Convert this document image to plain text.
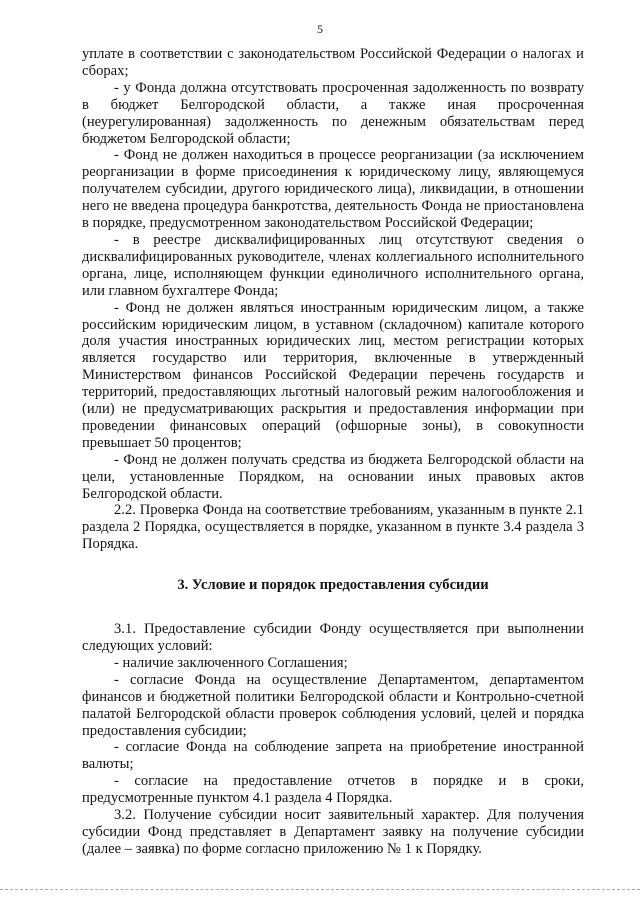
5

уплате в соответствии с законодательством Российской Федерации о налогах и сборах;

- у Фонда должна отсутствовать просроченная задолженность по возврату в бюджет Белгородской области, а также иная просроченная (неурегулированная) задолженность по денежным обязательствам перед бюджетом Белгородской области;

- Фонд не должен находиться в процессе реорганизации (за исключением реорганизации в форме присоединения к юридическому лицу, являющемуся получателем субсидии, другого юридического лица), ликвидации, в отношении него не введена процедура банкротства, деятельность Фонда не приостановлена в порядке, предусмотренном законодательством Российской Федерации;

- в реестре дисквалифицированных лиц отсутствуют сведения о дисквалифицированных руководителе, членах коллегиального исполнительного органа, лице, исполняющем функции единоличного исполнительного органа, или главном бухгалтере Фонда;

- Фонд не должен являться иностранным юридическим лицом, а также российским юридическим лицом, в уставном (складочном) капитале которого доля участия иностранных юридических лиц, местом регистрации которых является государство или территория, включенные в утвержденный Министерством финансов Российской Федерации перечень государств и территорий, предоставляющих льготный налоговый режим налогообложения и (или) не предусматривающих раскрытия и предоставления информации при проведении финансовых операций (офшорные зоны), в совокупности превышает 50 процентов;

- Фонд не должен получать средства из бюджета Белгородской области на цели, установленные Порядком, на основании иных правовых актов Белгородской области.

2.2. Проверка Фонда на соответствие требованиям, указанным в пункте 2.1 раздела 2 Порядка, осуществляется в порядке, указанном в пункте 3.4 раздела 3 Порядка.

3. Условие и порядок предоставления субсидии

3.1. Предоставление субсидии Фонду осуществляется при выполнении следующих условий:

- наличие заключенного Соглашения;

- согласие Фонда на осуществление Департаментом, департаментом финансов и бюджетной политики Белгородской области и Контрольно-счетной палатой Белгородской области проверок соблюдения условий, целей и порядка предоставления субсидии;

- согласие Фонда на соблюдение запрета на приобретение иностранной валюты;

- согласие на предоставление отчетов в порядке и в сроки, предусмотренные пунктом 4.1 раздела 4 Порядка.

3.2. Получение субсидии носит заявительный характер. Для получения субсидии Фонд представляет в Департамент заявку на получение субсидии (далее – заявка) по форме согласно приложению № 1 к Порядку.
